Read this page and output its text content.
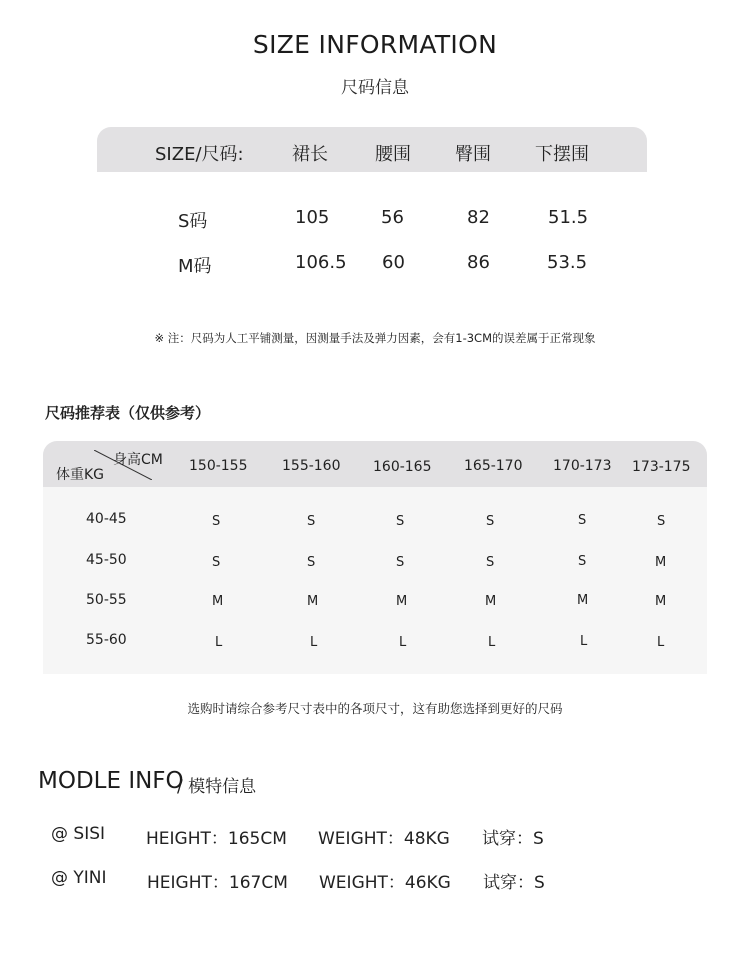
SIZE INFORMATION
尺码信息
SIZE/尺码:	裙长	腰围 臀围 下摆围
S码	105	56	82	51.5
M码	106.5 60	86	53.5
※ 注：尺码为人工平铺测量，因测量手法及弹力因素，会有1-3CM的误差属于正常现象
尺码推荐表（仅供参考）
身高CM
体重KG
150-155 155-160 160-165 165-170 170-173 173-175
40-45	S	S	S	S	S	S
45-50	S	S	S	S	S	M
50-55	M	M	M	M	M	M
55-60	L	L	L	L	L	L
选购时请综合参考尺寸表中的各项尺寸，这有助您选择到更好的尺码
MODLE INFO
/ 模特信息
@ SISI HEIGHT：165CM WEIGHT：48KG 试穿：S
@ YINI HEIGHT：167CM WEIGHT：46KG 试穿：S
